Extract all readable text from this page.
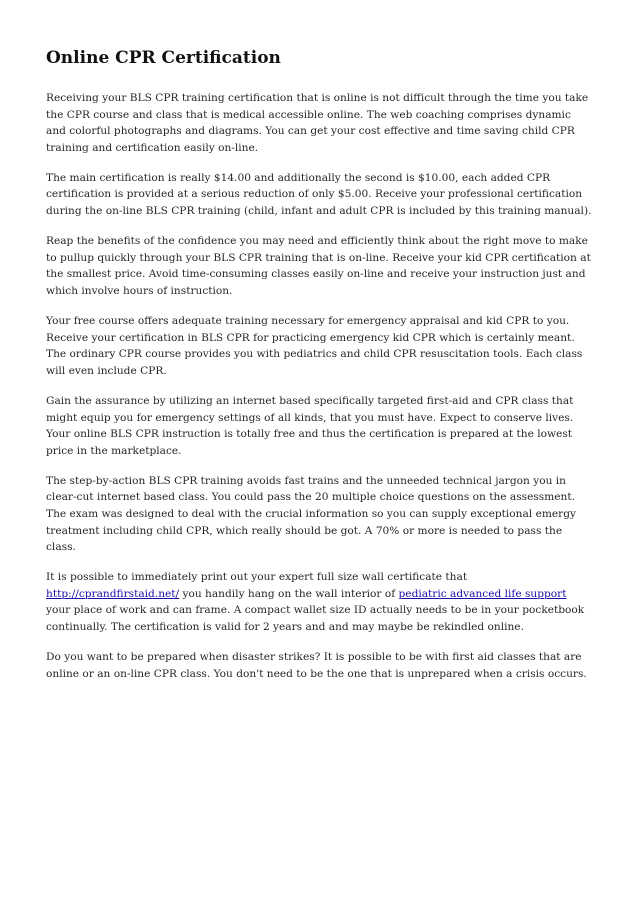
Online CPR Certification

Receiving your BLS CPR training certification that is online is not difficult through the time you take the CPR course and class that is medical accessible online. The web coaching comprises dynamic and colorful photographs and diagrams. You can get your cost effective and time saving child CPR training and certification easily on-line.

The main certification is really $14.00 and additionally the second is $10.00, each added CPR certification is provided at a serious reduction of only $5.00. Receive your professional certification during the on-line BLS CPR training (child, infant and adult CPR is included by this training manual).

Reap the benefits of the confidence you may need and efficiently think about the right move to make to pullup quickly through your BLS CPR training that is on-line. Receive your kid CPR certification at the smallest price. Avoid time-consuming classes easily on-line and receive your instruction just and which involve hours of instruction.

Your free course offers adequate training necessary for emergency appraisal and kid CPR to you. Receive your certification in BLS CPR for practicing emergency kid CPR which is certainly meant. The ordinary CPR course provides you with pediatrics and child CPR resuscitation tools. Each class will even include CPR.

Gain the assurance by utilizing an internet based specifically targeted first-aid and CPR class that might equip you for emergency settings of all kinds, that you must have. Expect to conserve lives. Your online BLS CPR instruction is totally free and thus the certification is prepared at the lowest price in the marketplace.

The step-by-action BLS CPR training avoids fast trains and the unneeded technical jargon you in clear-cut internet based class. You could pass the 20 multiple choice questions on the assessment. The exam was designed to deal with the crucial information so you can supply exceptional emergy treatment including child CPR, which really should be got. A 70% or more is needed to pass the class.

It is possible to immediately print out your expert full size wall certificate that http://cprandfirstaid.net/ you handily hang on the wall interior of pediatric advanced life support your place of work and can frame. A compact wallet size ID actually needs to be in your pocketbook continually. The certification is valid for 2 years and and may maybe be rekindled online.

Do you want to be prepared when disaster strikes? It is possible to be with first aid classes that are online or an on-line CPR class. You don't need to be the one that is unprepared when a crisis occurs.
